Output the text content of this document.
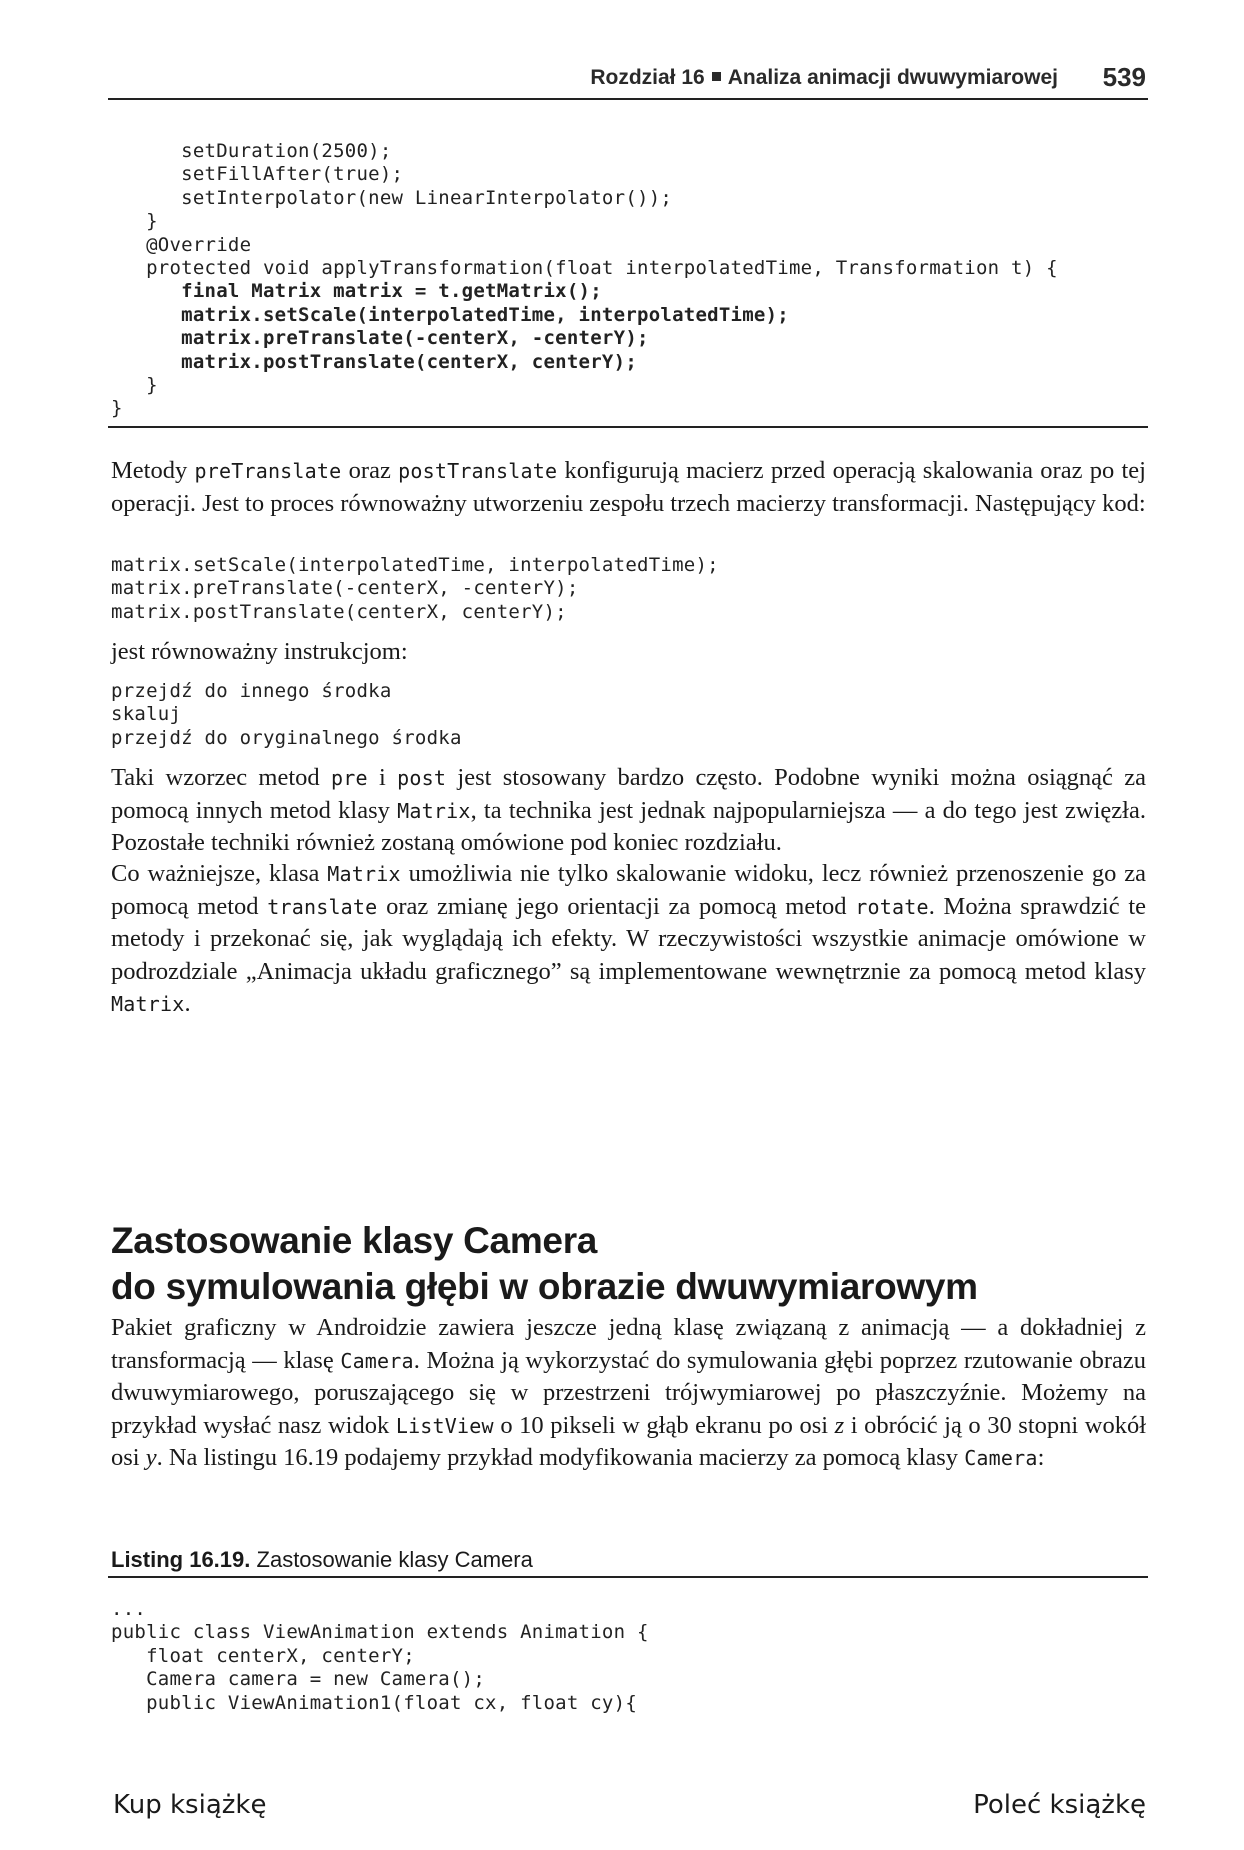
Rozdział 16 Analiza animacji dwuwymiarowej 539
setDuration(2500);
setFillAfter(true);
setInterpolator(new LinearInterpolator());
}
@Override
protected void applyTransformation(float interpolatedTime, Transformation t) {
final Matrix matrix = t.getMatrix();
matrix.setScale(interpolatedTime, interpolatedTime);
matrix.preTranslate(-centerX, -centerY);
matrix.postTranslate(centerX, centerY);
}
}

Metody preTranslate oraz postTranslate konfigurują macierz przed operacją skalowania oraz po tej operacji. Jest to proces równoważny utworzeniu zespołu trzech macierzy transformacji. Następujący kod:

matrix.setScale(interpolatedTime, interpolatedTime);
matrix.preTranslate(-centerX, -centerY);
matrix.postTranslate(centerX, centerY);

jest równoważny instrukcjom:

przejdź do innego środka
skaluj
przejdź do oryginalnego środka

Taki wzorzec metod pre i post jest stosowany bardzo często. Podobne wyniki można osiągnąć za pomocą innych metod klasy Matrix, ta technika jest jednak najpopularniejsza — a do tego jest zwięzła. Pozostałe techniki również zostaną omówione pod koniec rozdziału.

Co ważniejsze, klasa Matrix umożliwia nie tylko skalowanie widoku, lecz również przenoszenie go za pomocą metod translate oraz zmianę jego orientacji za pomocą metod rotate. Można sprawdzić te metody i przekonać się, jak wyglądają ich efekty. W rzeczywistości wszystkie animacje omówione w podrozdziale „Animacja układu graficznego” są implementowane wewnętrznie za pomocą metod klasy Matrix.

Zastosowanie klasy Camera
do symulowania głębi w obrazie dwuwymiarowym

Pakiet graficzny w Androidzie zawiera jeszcze jedną klasę związaną z animacją — a dokładniej z transformacją — klasę Camera. Można ją wykorzystać do symulowania głębi poprzez rzutowanie obrazu dwuwymiarowego, poruszającego się w przestrzeni trójwymiarowej po płaszczyźnie. Możemy na przykład wysłać nasz widok ListView o 10 pikseli w głąb ekranu po osi z i obrócić ją o 30 stopni wokół osi y. Na listingu 16.19 podajemy przykład modyfikowania macierzy za pomocą klasy Camera:

Listing 16.19. Zastosowanie klasy Camera
...
public class ViewAnimation extends Animation {
float centerX, centerY;
Camera camera = new Camera();
public ViewAnimation1(float cx, float cy){
Kup książkę	Poleć książkę
